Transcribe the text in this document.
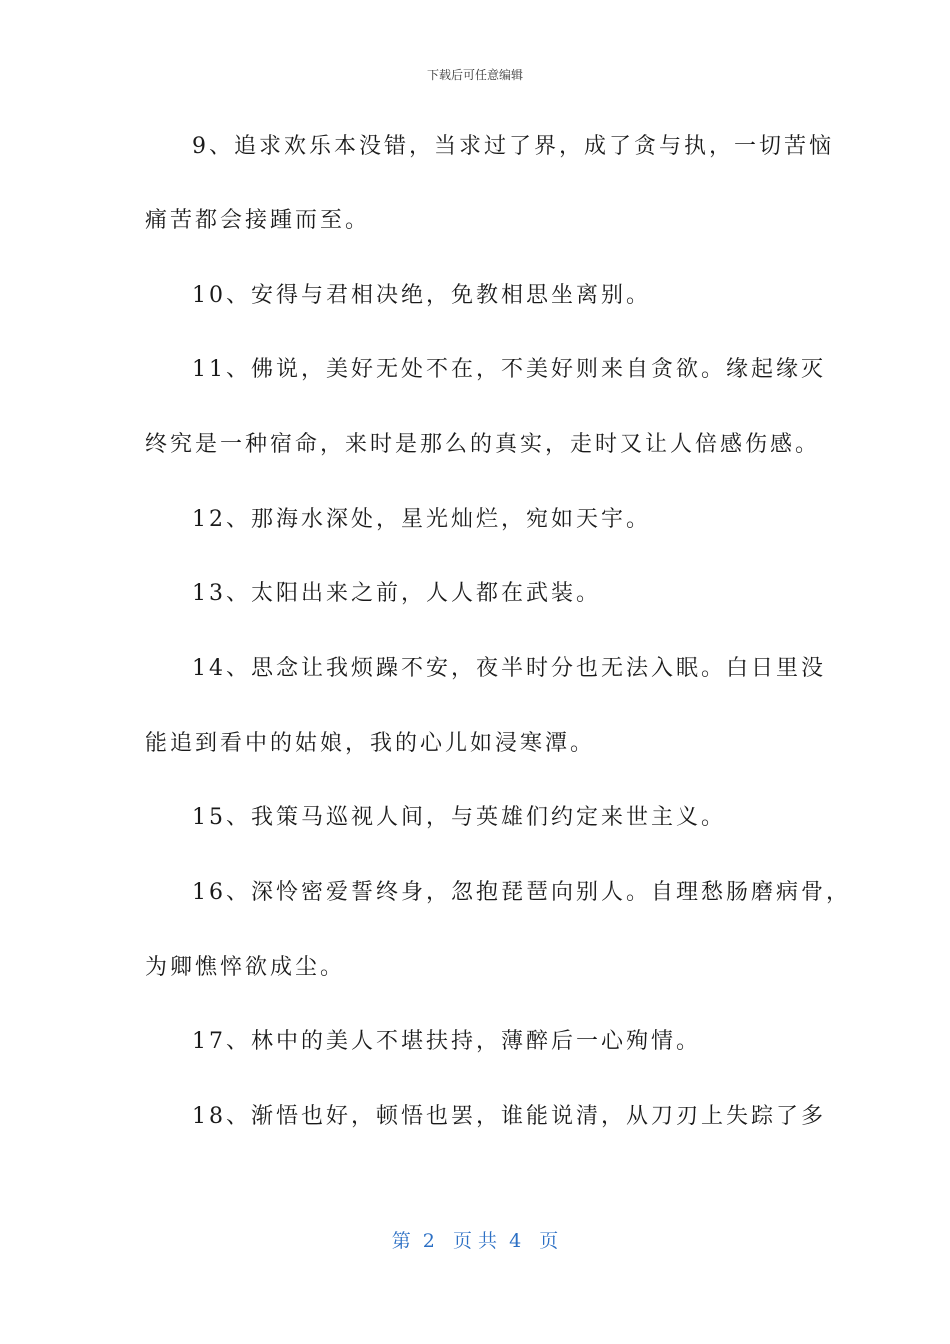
下载后可任意编辑
9、追求欢乐本没错，当求过了界，成了贪与执，一切苦恼
痛苦都会接踵而至。
10、安得与君相决绝，免教相思坐离别。
11、佛说，美好无处不在，不美好则来自贪欲。缘起缘灭
终究是一种宿命，来时是那么的真实，走时又让人倍感伤感。
12、那海水深处，星光灿烂，宛如天宇。
13、太阳出来之前，人人都在武装。
14、思念让我烦躁不安，夜半时分也无法入眠。白日里没
能追到看中的姑娘，我的心儿如浸寒潭。
15、我策马巡视人间，与英雄们约定来世主义。
16、深怜密爱誓终身，忽抱琵琶向别人。自理愁肠磨病骨，
为卿憔悴欲成尘。
17、林中的美人不堪扶持，薄醉后一心殉情。
18、渐悟也好，顿悟也罢，谁能说清，从刀刃上失踪了多
第  2   页 共  4   页
